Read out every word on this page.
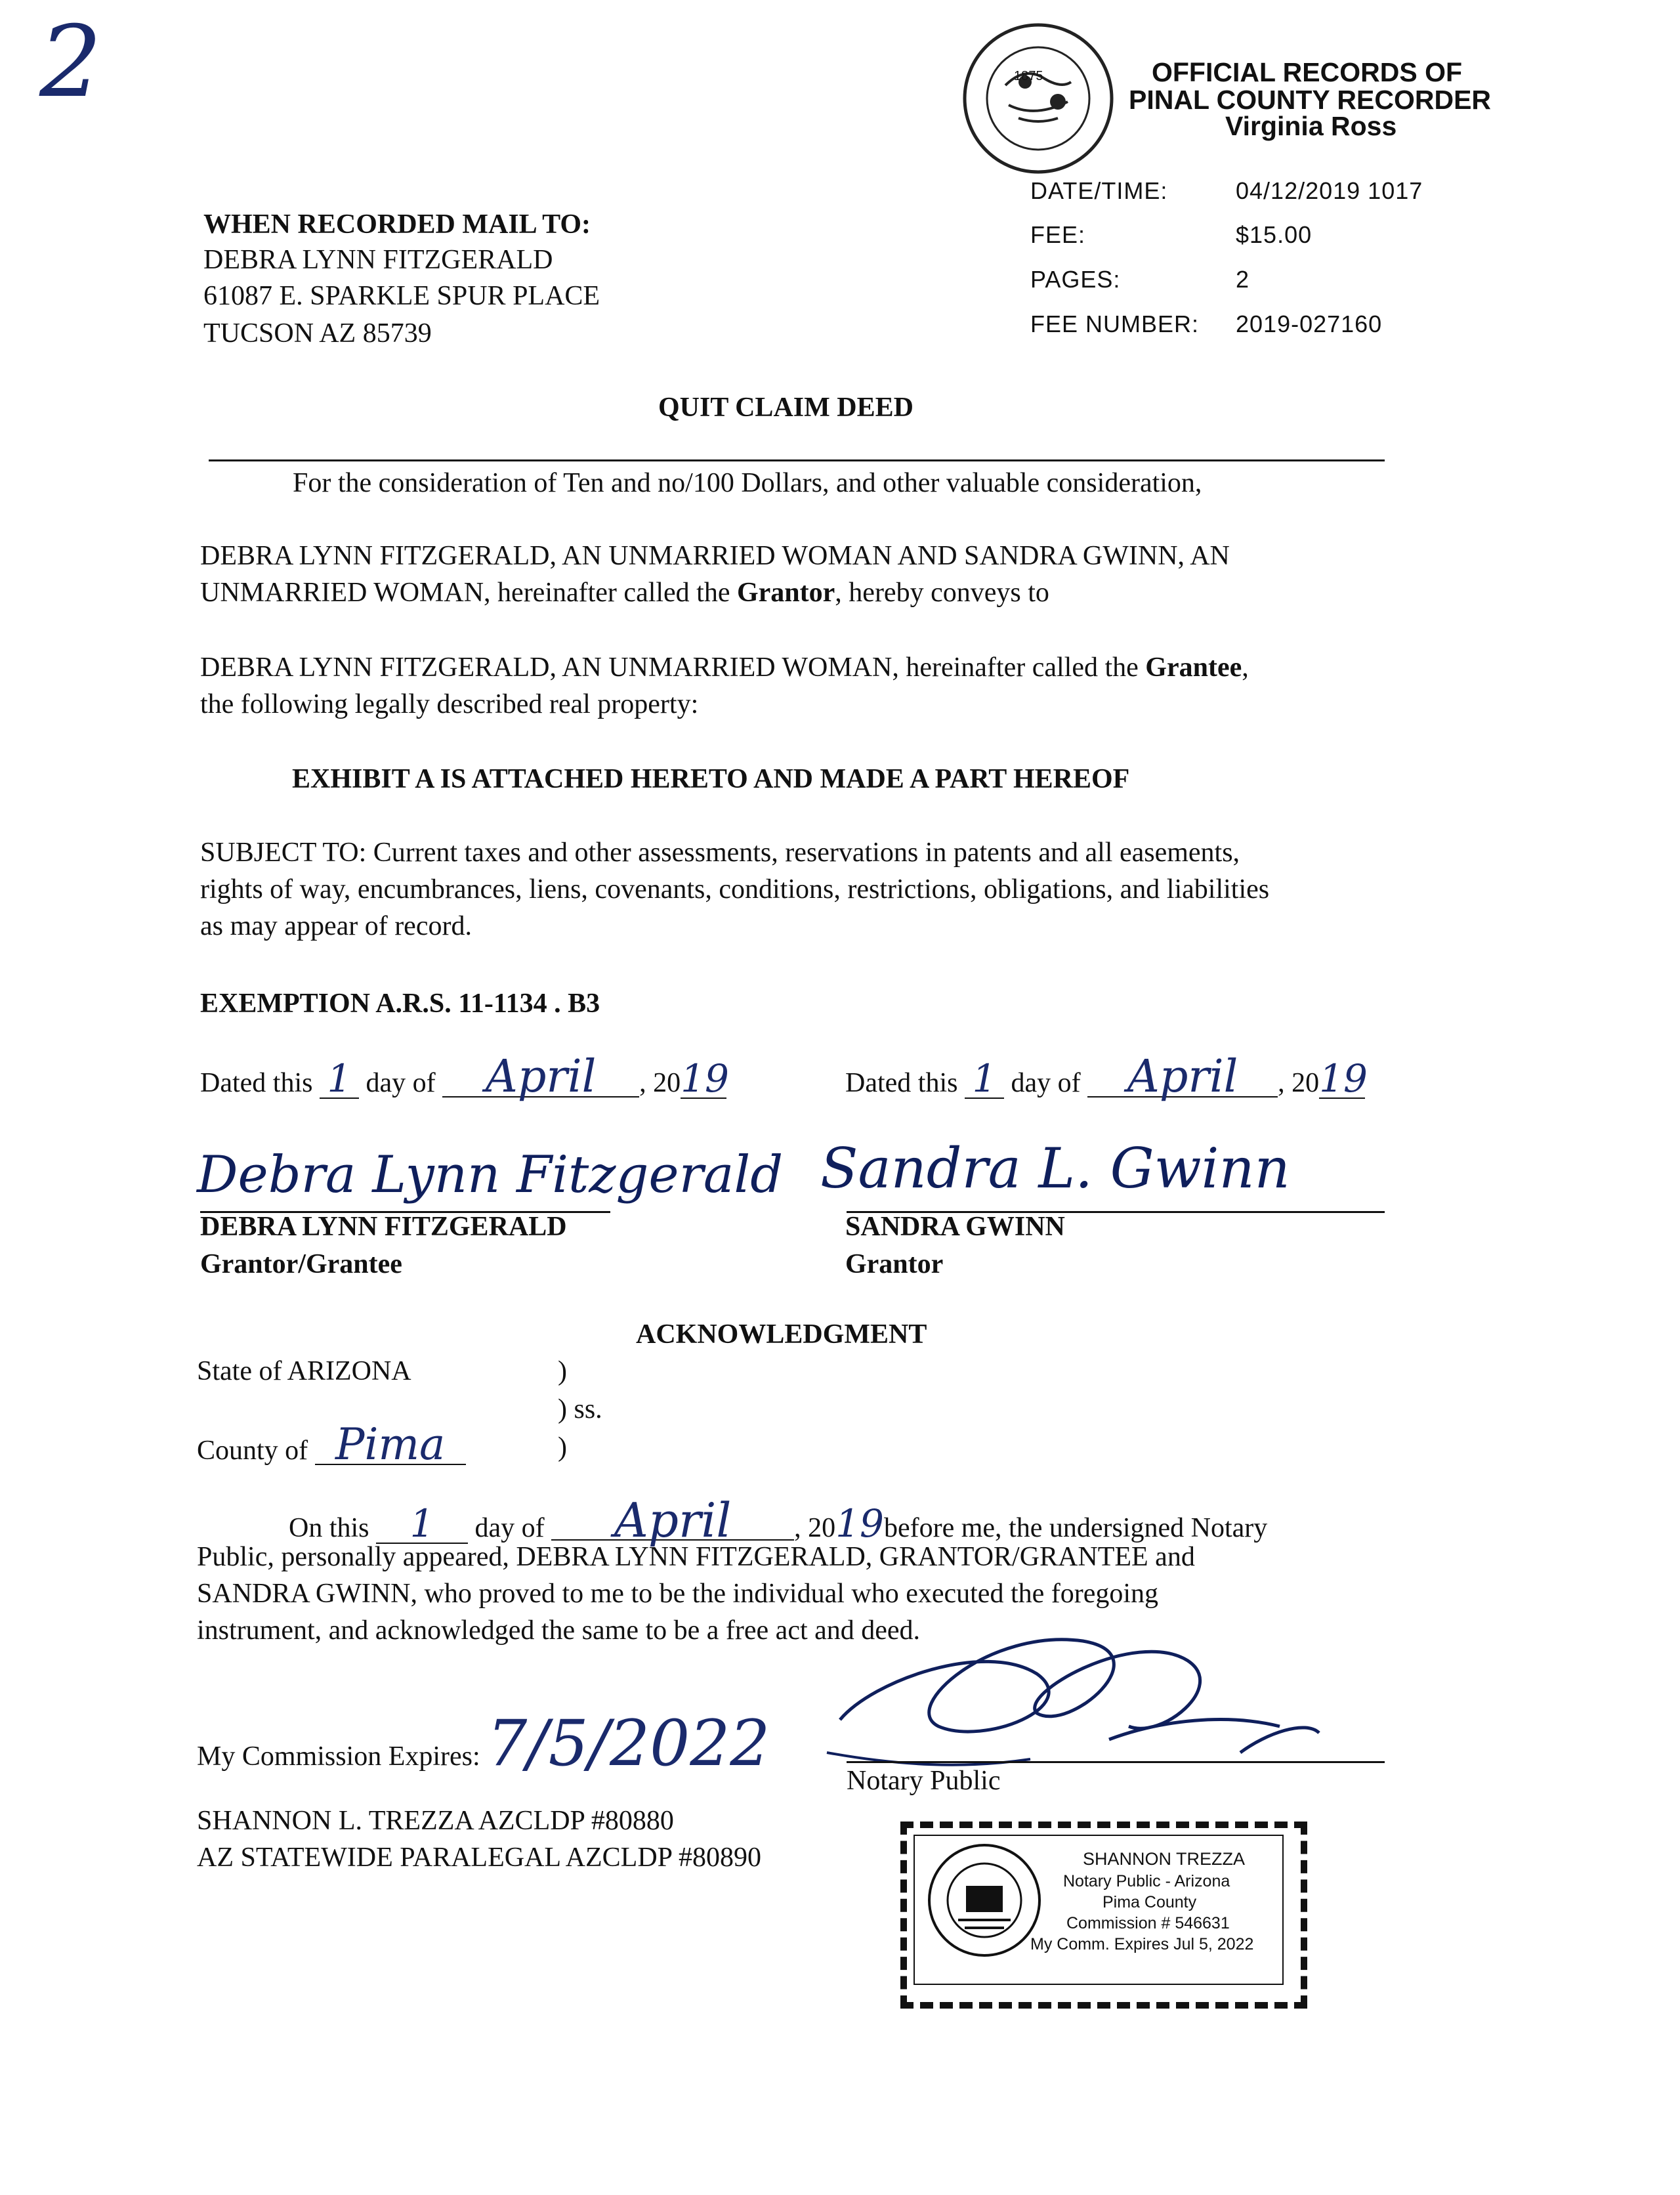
2	1875	OFFICIAL RECORDS OF
PINAL COUNTY RECORDER
Virginia Ross
DATE/TIME:	04/12/2019 1017
FEE:	$15.00
PAGES:	2
FEE NUMBER: 2019-027160
WHEN RECORDED MAIL TO:
DEBRA LYNN FITZGERALD
61087 E. SPARKLE SPUR PLACE
TUCSON AZ 85739
QUIT CLAIM DEED
For the consideration of Ten and no/100 Dollars, and other valuable consideration,
DEBRA LYNN FITZGERALD, AN UNMARRIED WOMAN AND SANDRA GWINN, AN
UNMARRIED WOMAN, hereinafter called the Grantor, hereby conveys to
DEBRA LYNN FITZGERALD, AN UNMARRIED WOMAN, hereinafter called the Grantee,
the following legally described real property:
EXHIBIT A IS ATTACHED HERETO AND MADE A PART HEREOF
SUBJECT TO: Current taxes and other assessments, reservations in patents and all easements,
rights of way, encumbrances, liens, covenants, conditions, restrictions, obligations, and liabilities
as may appear of record.
EXEMPTION A.R.S. 11-1134 . B3
Dated this 1 day of April , 2019	Dated this 1 day of April , 2019
Debra Lynn Fitzgerald
DEBRA LYNN FITZGERALD
Grantor/Grantee
Sandra L. Gwinn
SANDRA GWINN
Grantor
ACKNOWLEDGMENT
State of ARIZONA	)
) ss.
County of Pima	)
On this 1 day of April , 2019before me, the undersigned Notary
Public, personally appeared, DEBRA LYNN FITZGERALD, GRANTOR/GRANTEE and
SANDRA GWINN, who proved to me to be the individual who executed the foregoing
instrument, and acknowledged the same to be a free act and deed.
My Commission Expires: 7/5/2022
Notary Public
SHANNON L. TREZZA AZCLDP #80880
AZ STATEWIDE PARALEGAL AZCLDP #80890	SHANNON TREZZA
Notary Public - Arizona
Pima County
Commission # 546631
My Comm. Expires Jul 5, 2022
